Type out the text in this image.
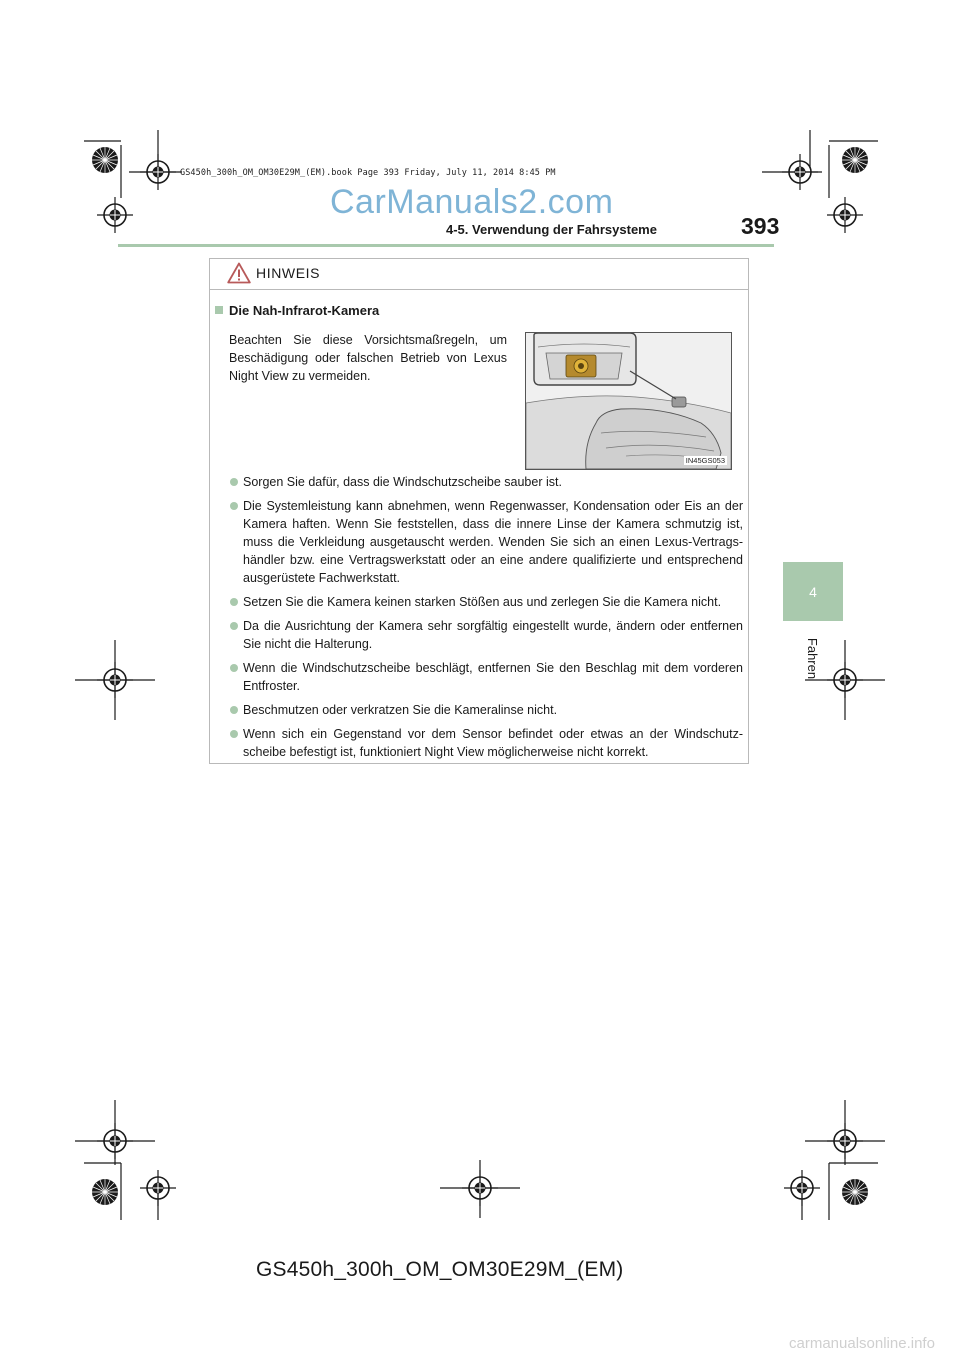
GS450h_300h_OM_OM30E29M_(EM).book Page 393 Friday, July 11, 2014 8:45 PM
CarManuals2.com
4-5. Verwendung der Fahrsysteme	393
4
Fahren
HINWEIS
Die Nah-Infrarot-Kamera
Beachten Sie diese Vorsichtsmaßregeln, um Beschädigung oder falschen Betrieb von Lexus Night View zu vermeiden.
IN45GS053
Sorgen Sie dafür, dass die Windschutzscheibe sauber ist.
Die Systemleistung kann abnehmen, wenn Regenwasser, Kondensation oder Eis an der Kamera haften. Wenn Sie feststellen, dass die innere Linse der Kamera schmutzig ist, muss die Verkleidung ausgetauscht werden. Wenden Sie sich an einen Lexus-Vertrags-händler bzw. eine Vertragswerkstatt oder an eine andere qualifizierte und entsprechend ausgerüstete Fachwerkstatt.
Setzen Sie die Kamera keinen starken Stößen aus und zerlegen Sie die Kamera nicht.
Da die Ausrichtung der Kamera sehr sorgfältig eingestellt wurde, ändern oder entfernen Sie nicht die Halterung.
Wenn die Windschutzscheibe beschlägt, entfernen Sie den Beschlag mit dem vorderen Entfroster.
Beschmutzen oder verkratzen Sie die Kameralinse nicht.
Wenn sich ein Gegenstand vor dem Sensor befindet oder etwas an der Windschutz-scheibe befestigt ist, funktioniert Night View möglicherweise nicht korrekt.
GS450h_300h_OM_OM30E29M_(EM)
carmanualsonline.info
